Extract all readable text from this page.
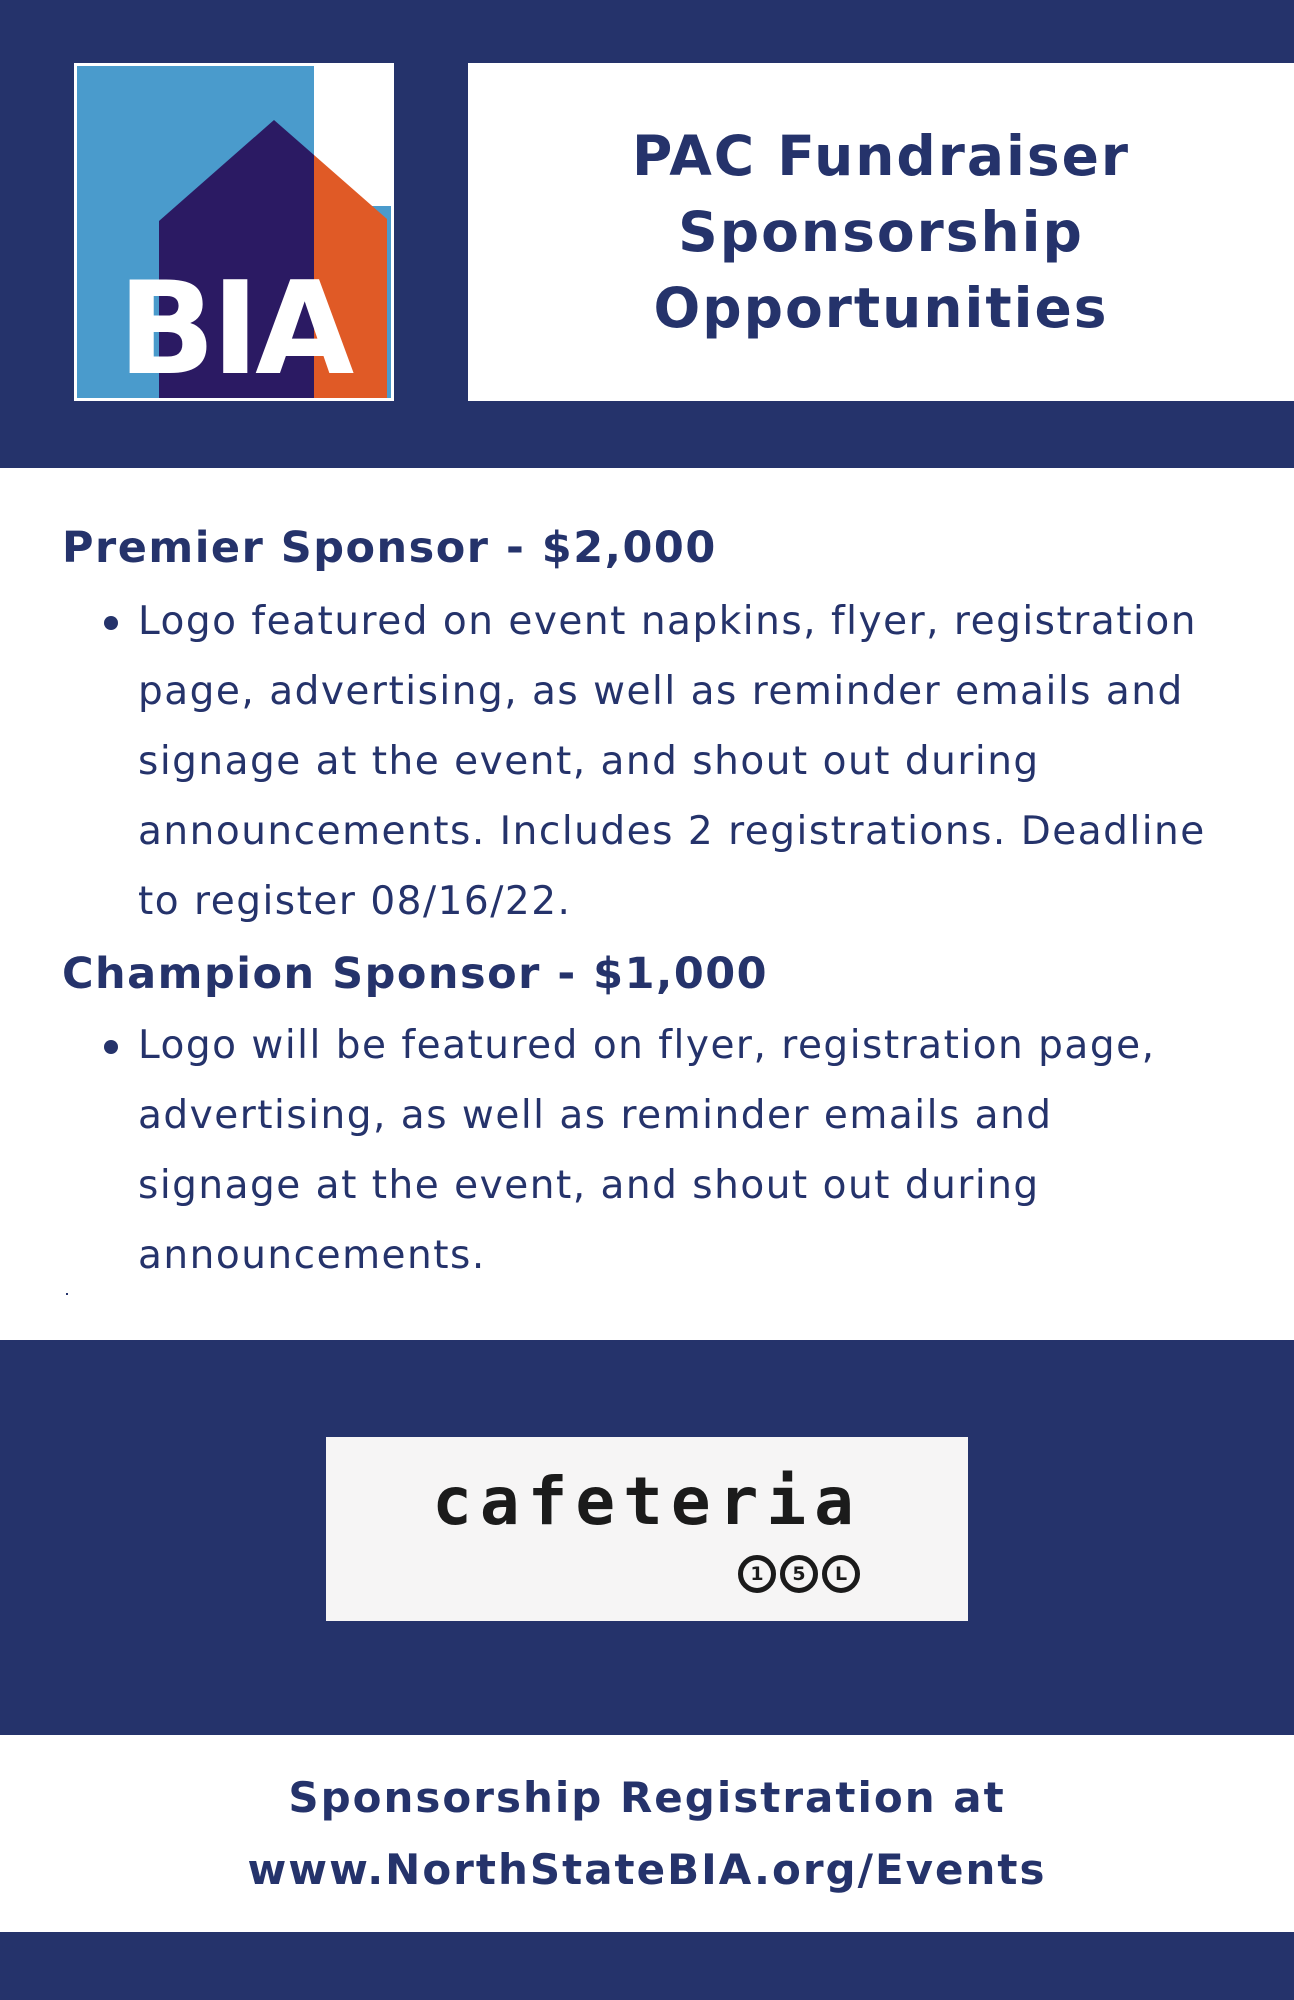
BIA
PAC Fundraiser
Sponsorship
Opportunities
Premier Sponsor - $2,000
Logo featured on event napkins, flyer, registration page, advertising, as well as reminder emails and signage at the event, and shout out during announcements. Includes 2 registrations. Deadline to register 08/16/22.
Champion Sponsor - $1,000
Logo will be featured on flyer, registration page, advertising, as well as reminder emails and signage at the event, and shout out during announcements.
cafeteria
1	5	L
Sponsorship Registration at
www.NorthStateBIA.org/Events
